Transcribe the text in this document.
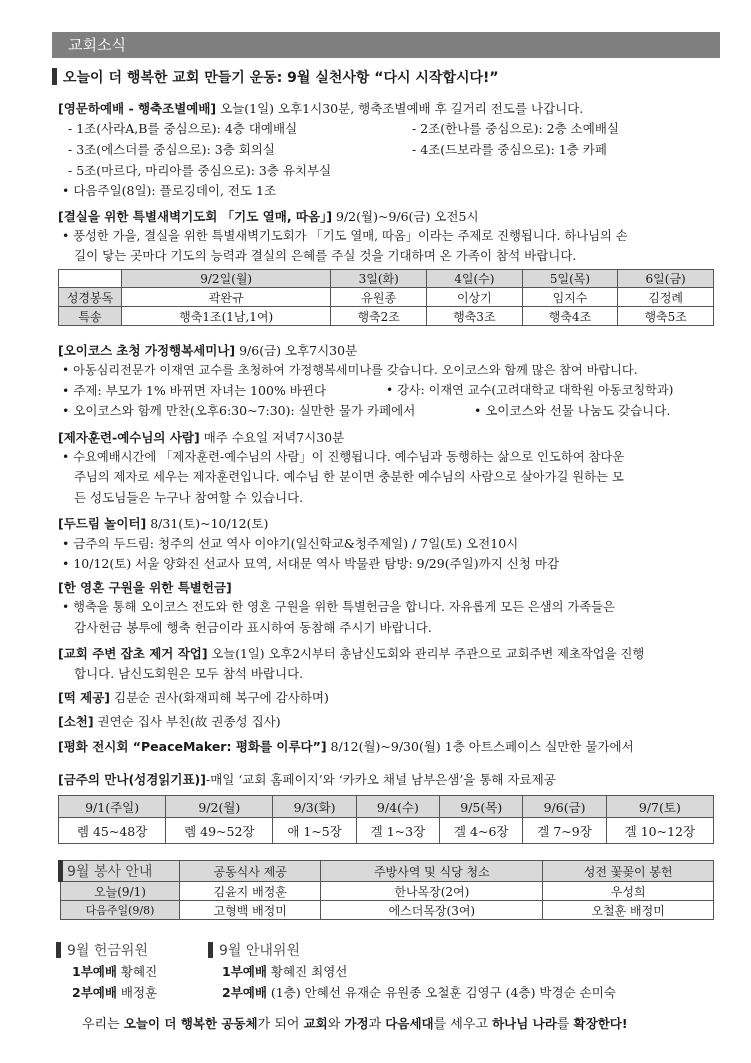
교회소식
오늘이 더 행복한 교회 만들기 운동: 9월 실천사항 “다시 시작합시다!”
[영문하예배 - 행축조별예배] 오늘(1일) 오후1시30분, 행축조별예배 후 길거리 전도를 나갑니다.
- 1조(사라A,B를 중심으로): 4층 대예배실	- 2조(한나를 중심으로): 2층 소예배실
- 3조(에스더를 중심으로): 3층 회의실	- 4조(드보라를 중심으로): 1층 카페
- 5조(마르다, 마리아를 중심으로): 3층 유치부실
• 다음주일(8일): 플로깅데이, 전도 1조
[결실을 위한 특별새벽기도회 「기도 열매, 따옴」] 9/2(월)~9/6(금) 오전5시
• 풍성한 가을, 결실을 위한 특별새벽기도회가 「기도 열매, 따옴」이라는 주제로 진행됩니다. 하나님의 손
길이 닿는 곳마다 기도의 능력과 결실의 은혜를 주실 것을 기대하며 온 가족이 참석 바랍니다.
	9/2일(월)	3일(화)	4일(수)	5일(목)	6일(금)
성경봉독	곽완규	유원종	이상기	임지수	김정례
특송	행축1조(1남,1여)	행축2조	행축3조	행축4조	행축5조
[오이코스 초청 가정행복세미나] 9/6(금) 오후7시30분
• 아동심리전문가 이재연 교수를 초청하여 가정행복세미나를 갖습니다. 오이코스와 함께 많은 참여 바랍니다.
• 주제: 부모가 1% 바뀌면 자녀는 100% 바뀐다	• 강사: 이재연 교수(고려대학교 대학원 아동코칭학과)
• 오이코스와 함께 만찬(오후6:30~7:30): 실만한 물가 카페에서	• 오이코스와 선물 나눔도 갖습니다.
[제자훈련-예수님의 사람] 매주 수요일 저녁7시30분
• 수요예배시간에 「제자훈련-예수님의 사람」이 진행됩니다. 예수님과 동행하는 삶으로 인도하여 참다운
주님의 제자로 세우는 제자훈련입니다. 예수님 한 분이면 충분한 예수님의 사람으로 살아가길 원하는 모
든 성도님들은 누구나 참여할 수 있습니다.
[두드림 놀이터] 8/31(토)~10/12(토)
• 금주의 두드림: 청주의 선교 역사 이야기(일신학교&청주제일) / 7일(토) 오전10시
• 10/12(토) 서울 양화진 선교사 묘역, 서대문 역사 박물관 탐방: 9/29(주일)까지 신청 마감
[한 영혼 구원을 위한 특별헌금]
• 행축을 통해 오이코스 전도와 한 영혼 구원을 위한 특별헌금을 합니다. 자유롭게 모든 은샘의 가족들은
감사헌금 봉투에 행축 헌금이라 표시하여 동참해 주시기 바랍니다.
[교회 주변 잡초 제거 작업] 오늘(1일) 오후2시부터 총남신도회와 관리부 주관으로 교회주변 제초작업을 진행
합니다. 남신도회원은 모두 참석 바랍니다.
[떡 제공] 김분순 권사(화재피해 복구에 감사하며)
[소천] 권연순 집사 부친(故 권종성 집사)
[평화 전시회 “PeaceMaker: 평화를 이루다”] 8/12(월)~9/30(월) 1층 아트스페이스 실만한 물가에서
[금주의 만나(성경읽기표)]-매일 ‘교회 홈페이지’와 ‘카카오 채널 남부은샘’을 통해 자료제공
9/1(주일)	9/2(월)	9/3(화)	9/4(수)	9/5(목)	9/6(금)	9/7(토)
렘 45~48장	렘 49~52장	애 1~5장	겔 1~3장	겔 4~6장	겔 7~9장	겔 10~12장
9월 봉사 안내	공동식사 제공	주방사역 및 식당 청소	성전 꽃꽂이 봉헌
오늘(9/1)	김윤지 배정훈	한나목장(2여)	우성희
다음주일(9/8)	고형백 배정미	에스더목장(3여)	오철훈 배정미
9월 헌금위원
1부예배 황혜진
2부예배 배정훈
9월 안내위원
1부예배 황혜진 최영선
2부예배 (1층) 안혜선 유재순 유원종 오철훈 김영구 (4층) 박경순 손미숙
우리는 오늘이 더 행복한 공동체가 되어 교회와 가정과 다음세대를 세우고 하나님 나라를 확장한다!
